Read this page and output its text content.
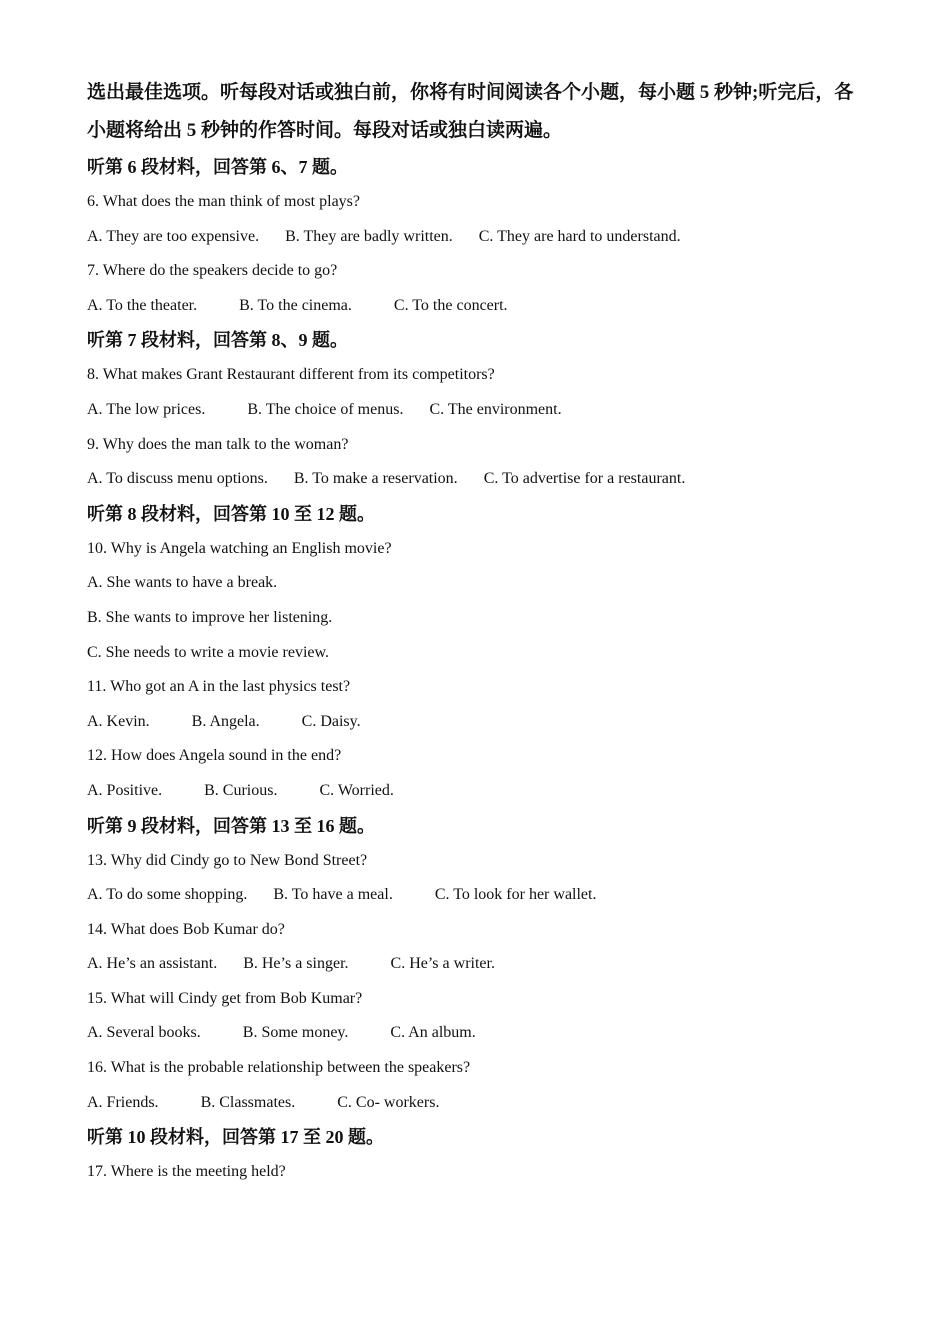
选出最佳选项。听每段对话或独白前，你将有时间阅读各个小题，每小题 5 秒钟;听完后，各小题将给出 5 秒钟的作答时间。每段对话或独白读两遍。

听第 6 段材料，回答第 6、7 题。

6. What does the man think of most plays?

A. They are too expensive. B. They are badly written. C. They are hard to understand.

7. Where do the speakers decide to go?

A. To the theater.	B. To the cinema.	C. To the concert.

听第 7 段材料，回答第 8、9 题。

8. What makes Grant Restaurant different from its competitors?

A. The low prices.	B. The choice of menus. C. The environment.

9. Why does the man talk to the woman?

A. To discuss menu options. B. To make a reservation. C. To advertise for a restaurant.

听第 8 段材料，回答第 10 至 12 题。

10. Why is Angela watching an English movie?

A. She wants to have a break.

B. She wants to improve her listening.

C. She needs to write a movie review.

11. Who got an A in the last physics test?

A. Kevin.	B. Angela.	C. Daisy.

12. How does Angela sound in the end?

A. Positive.	B. Curious.	C. Worried.

听第 9 段材料，回答第 13 至 16 题。

13. Why did Cindy go to New Bond Street?

A. To do some shopping. B. To have a meal.	C. To look for her wallet.

14. What does Bob Kumar do?

A. He’s an assistant. B. He’s a singer.	C. He’s a writer.

15. What will Cindy get from Bob Kumar?

A. Several books.	B. Some money.	C. An album.

16. What is the probable relationship between the speakers?

A. Friends.	B. Classmates.	C. Co- workers.

听第 10 段材料，回答第 17 至 20 题。

17. Where is the meeting held?
